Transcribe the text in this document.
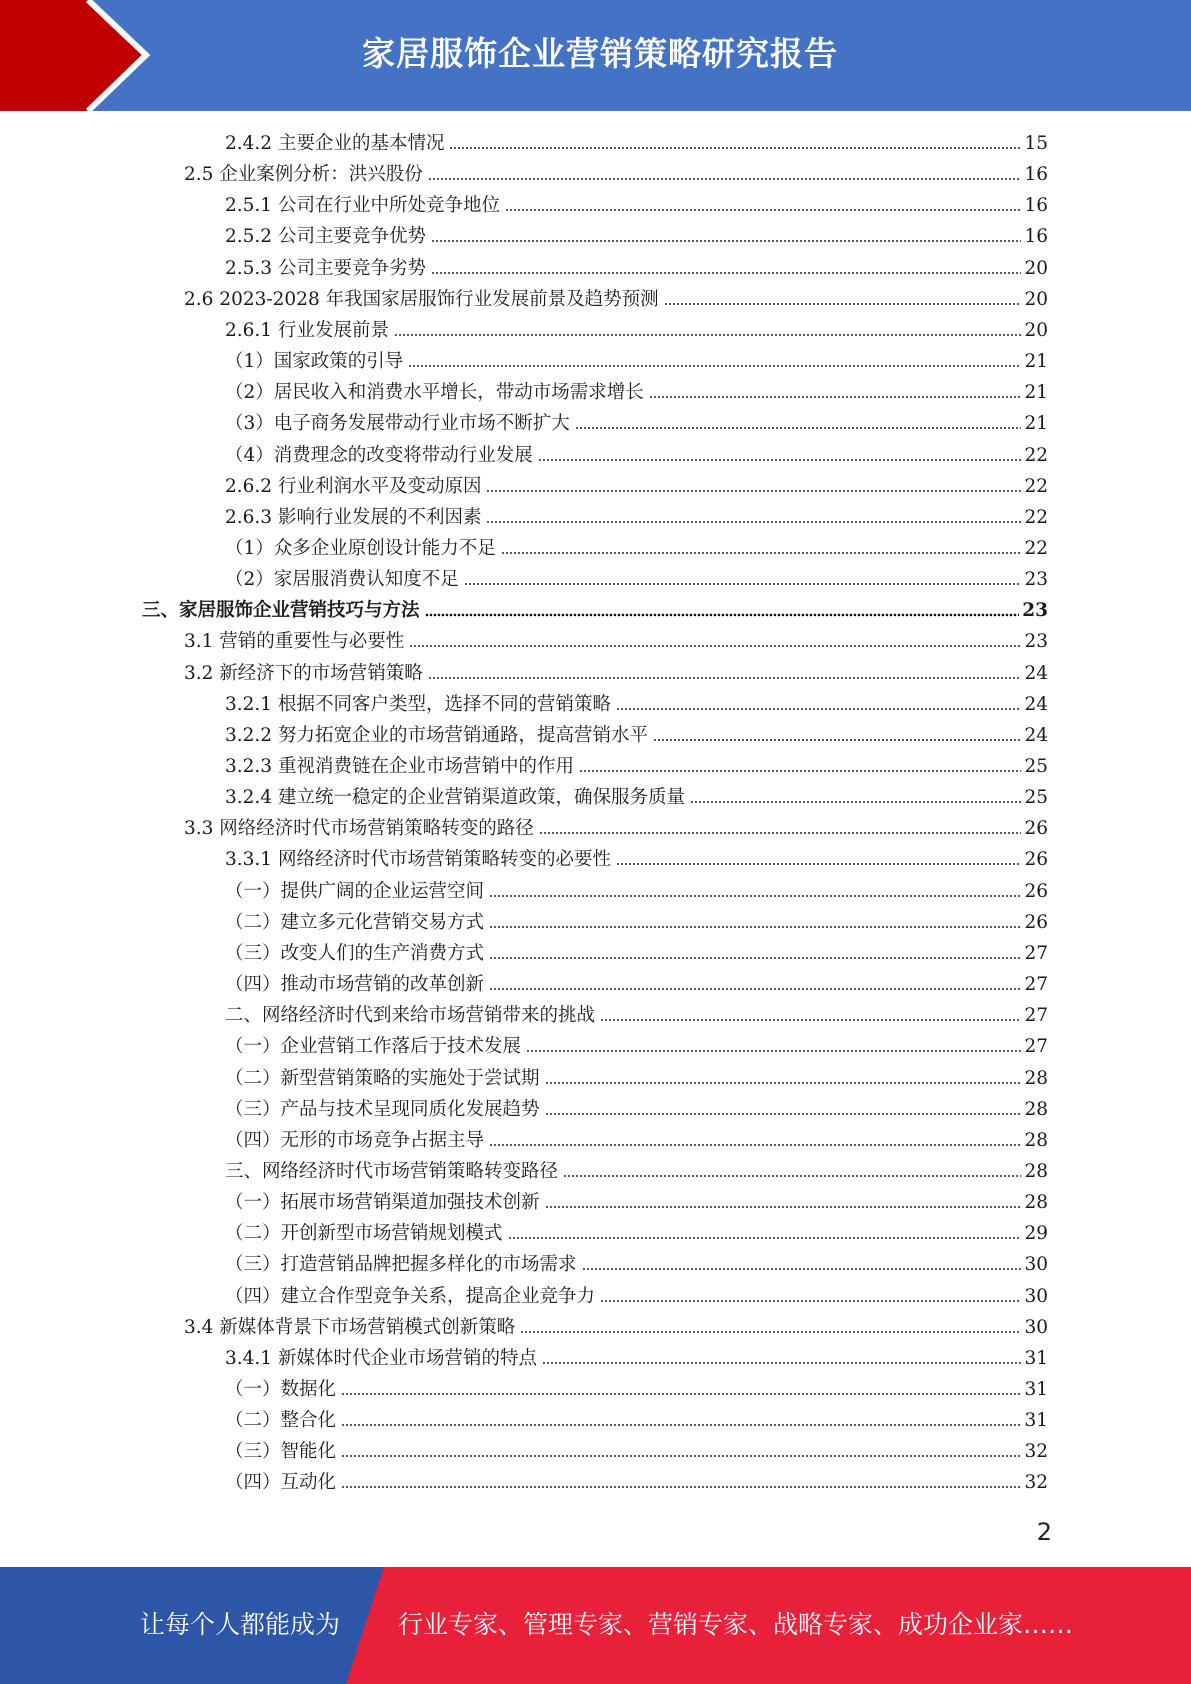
家居服饰企业营销策略研究报告
2.4.2 主要企业的基本情况	15
2.5 企业案例分析：洪兴股份	16
2.5.1 公司在行业中所处竞争地位	16
2.5.2 公司主要竞争优势	16
2.5.3 公司主要竞争劣势	20
2.6 2023-2028 年我国家居服饰行业发展前景及趋势预测	20
2.6.1 行业发展前景	20
（1）国家政策的引导	21
（2）居民收入和消费水平增长，带动市场需求增长	21
（3）电子商务发展带动行业市场不断扩大	21
（4）消费理念的改变将带动行业发展	22
2.6.2 行业利润水平及变动原因	22
2.6.3 影响行业发展的不利因素	22
（1）众多企业原创设计能力不足	22
（2）家居服消费认知度不足	23
三、家居服饰企业营销技巧与方法	23
3.1 营销的重要性与必要性	23
3.2 新经济下的市场营销策略	24
3.2.1 根据不同客户类型，选择不同的营销策略	24
3.2.2 努力拓宽企业的市场营销通路，提高营销水平	24
3.2.3 重视消费链在企业市场营销中的作用	25
3.2.4 建立统一稳定的企业营销渠道政策，确保服务质量	25
3.3 网络经济时代市场营销策略转变的路径	26
3.3.1 网络经济时代市场营销策略转变的必要性	26
（一）提供广阔的企业运营空间	26
（二）建立多元化营销交易方式	26
（三）改变人们的生产消费方式	27
（四）推动市场营销的改革创新	27
二、网络经济时代到来给市场营销带来的挑战	27
（一）企业营销工作落后于技术发展	27
（二）新型营销策略的实施处于尝试期	28
（三）产品与技术呈现同质化发展趋势	28
（四）无形的市场竞争占据主导	28
三、网络经济时代市场营销策略转变路径	28
（一）拓展市场营销渠道加强技术创新	28
（二）开创新型市场营销规划模式	29
（三）打造营销品牌把握多样化的市场需求	30
（四）建立合作型竞争关系，提高企业竞争力	30
3.4 新媒体背景下市场营销模式创新策略	30
3.4.1 新媒体时代企业市场营销的特点	31
（一）数据化	31
（二）整合化	31
（三）智能化	32
（四）互动化	32
2
让每个人都能成为 行业专家、管理专家、营销专家、战略专家、成功企业家……
